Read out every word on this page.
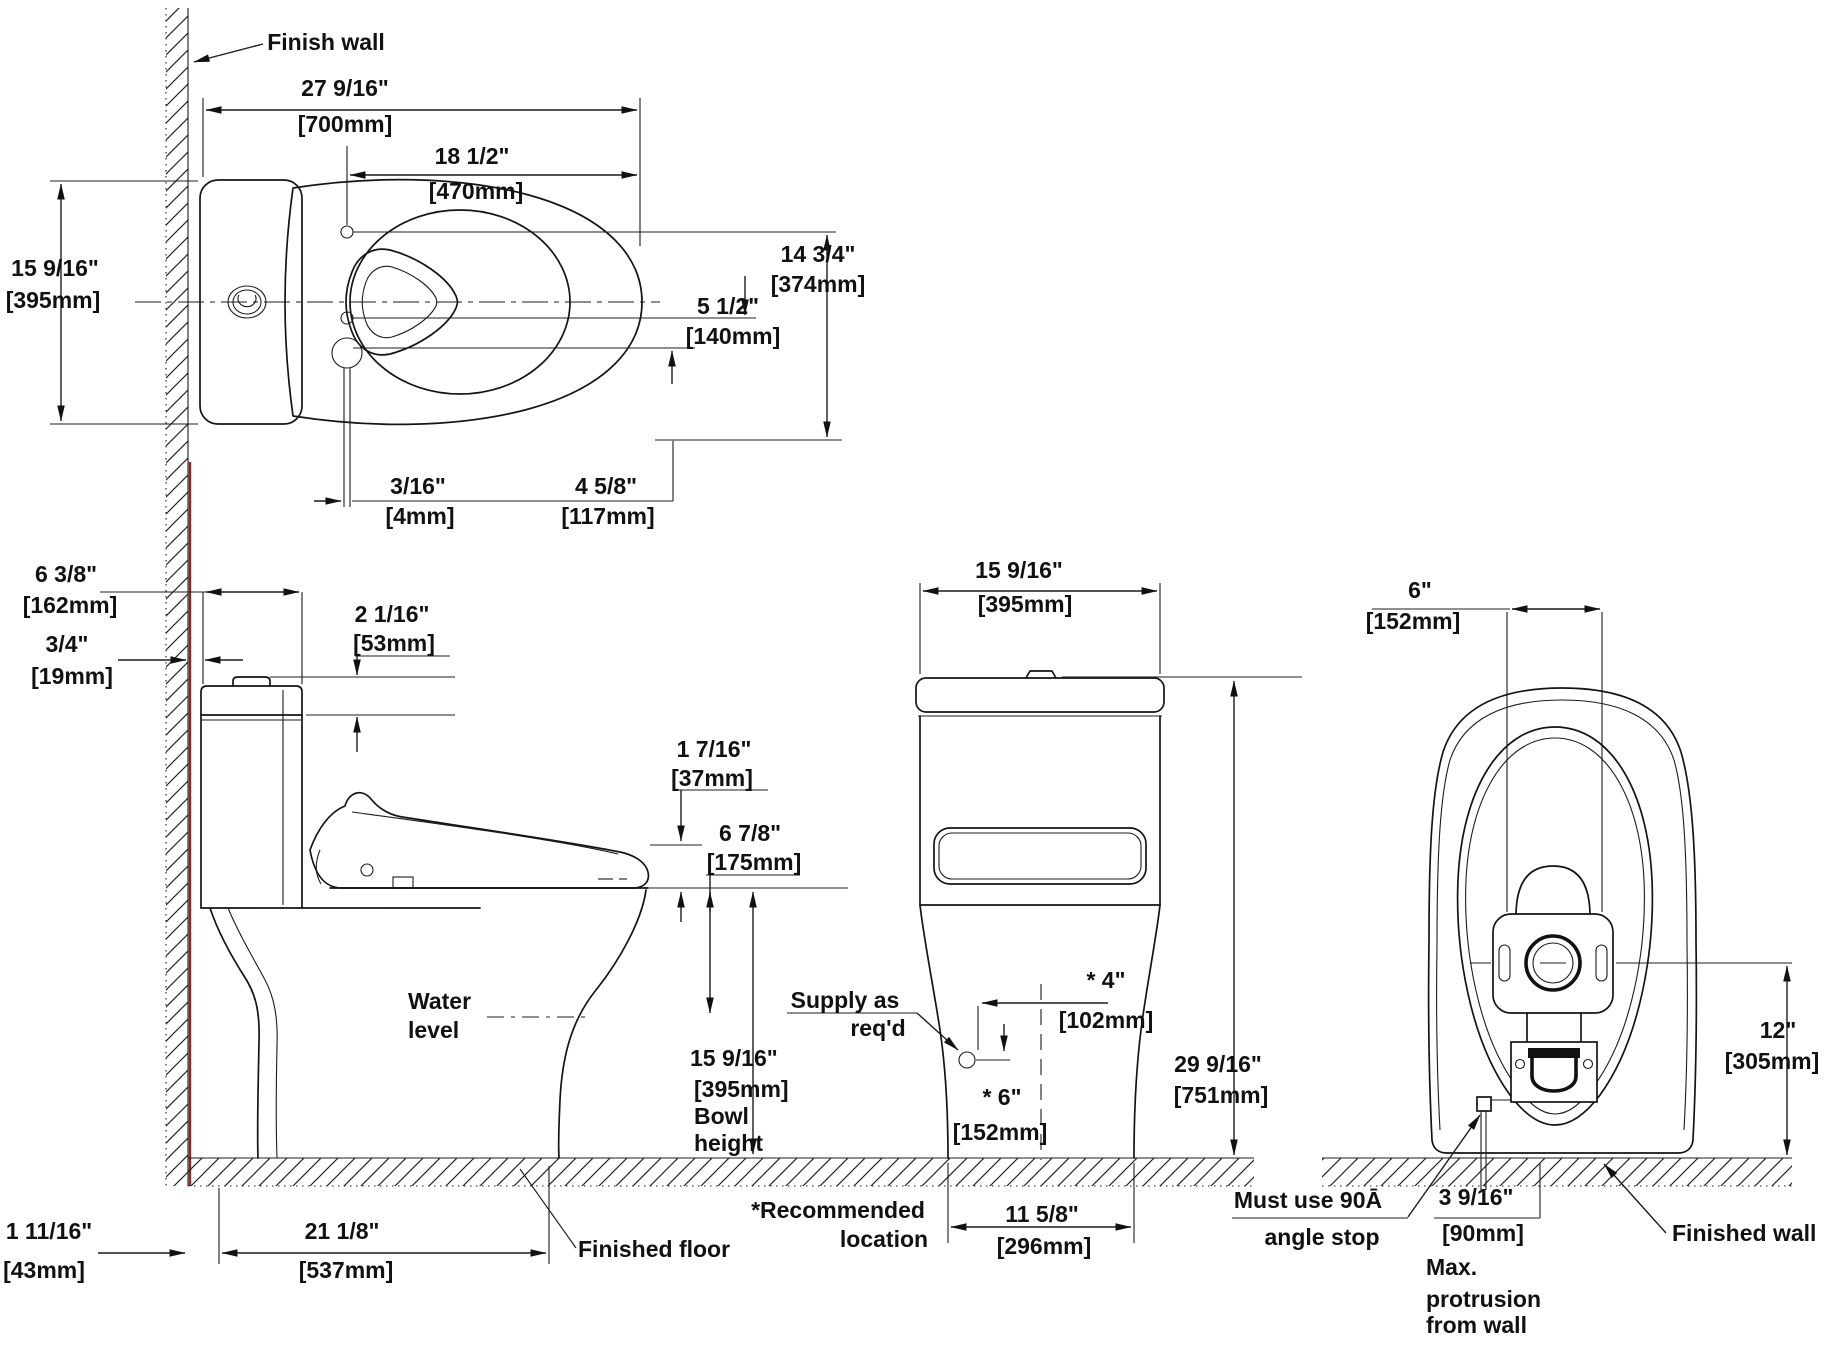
Finish wall
27 9/16"
[700mm]
18 1/2"
[470mm]
15 9/16"
[395mm]
14 3/4"
[374mm]
5 1/2"
[140mm]
3/16"
[4mm]
4 5/8"
[117mm]
6 3/8"
[162mm]
3/4"
[19mm]
2 1/16"
[53mm]
1 7/16"
[37mm]
6 7/8"
[175mm]
Water
level
15 9/16"
[395mm]
Bowl
height
21 1/8"
[537mm]
1 11/16"
[43mm]
Finished floor
15 9/16"
[395mm]
Supply as
req'd
* 4"
[102mm]
* 6"
[152mm]
29 9/16"
[751mm]
11 5/8"
[296mm]
*Recommended
location
6"
[152mm]
12"
[305mm]
Must use 90Ā
angle stop
3 9/16"
[90mm]
Max.
protrusion
from wall
Finished wall
